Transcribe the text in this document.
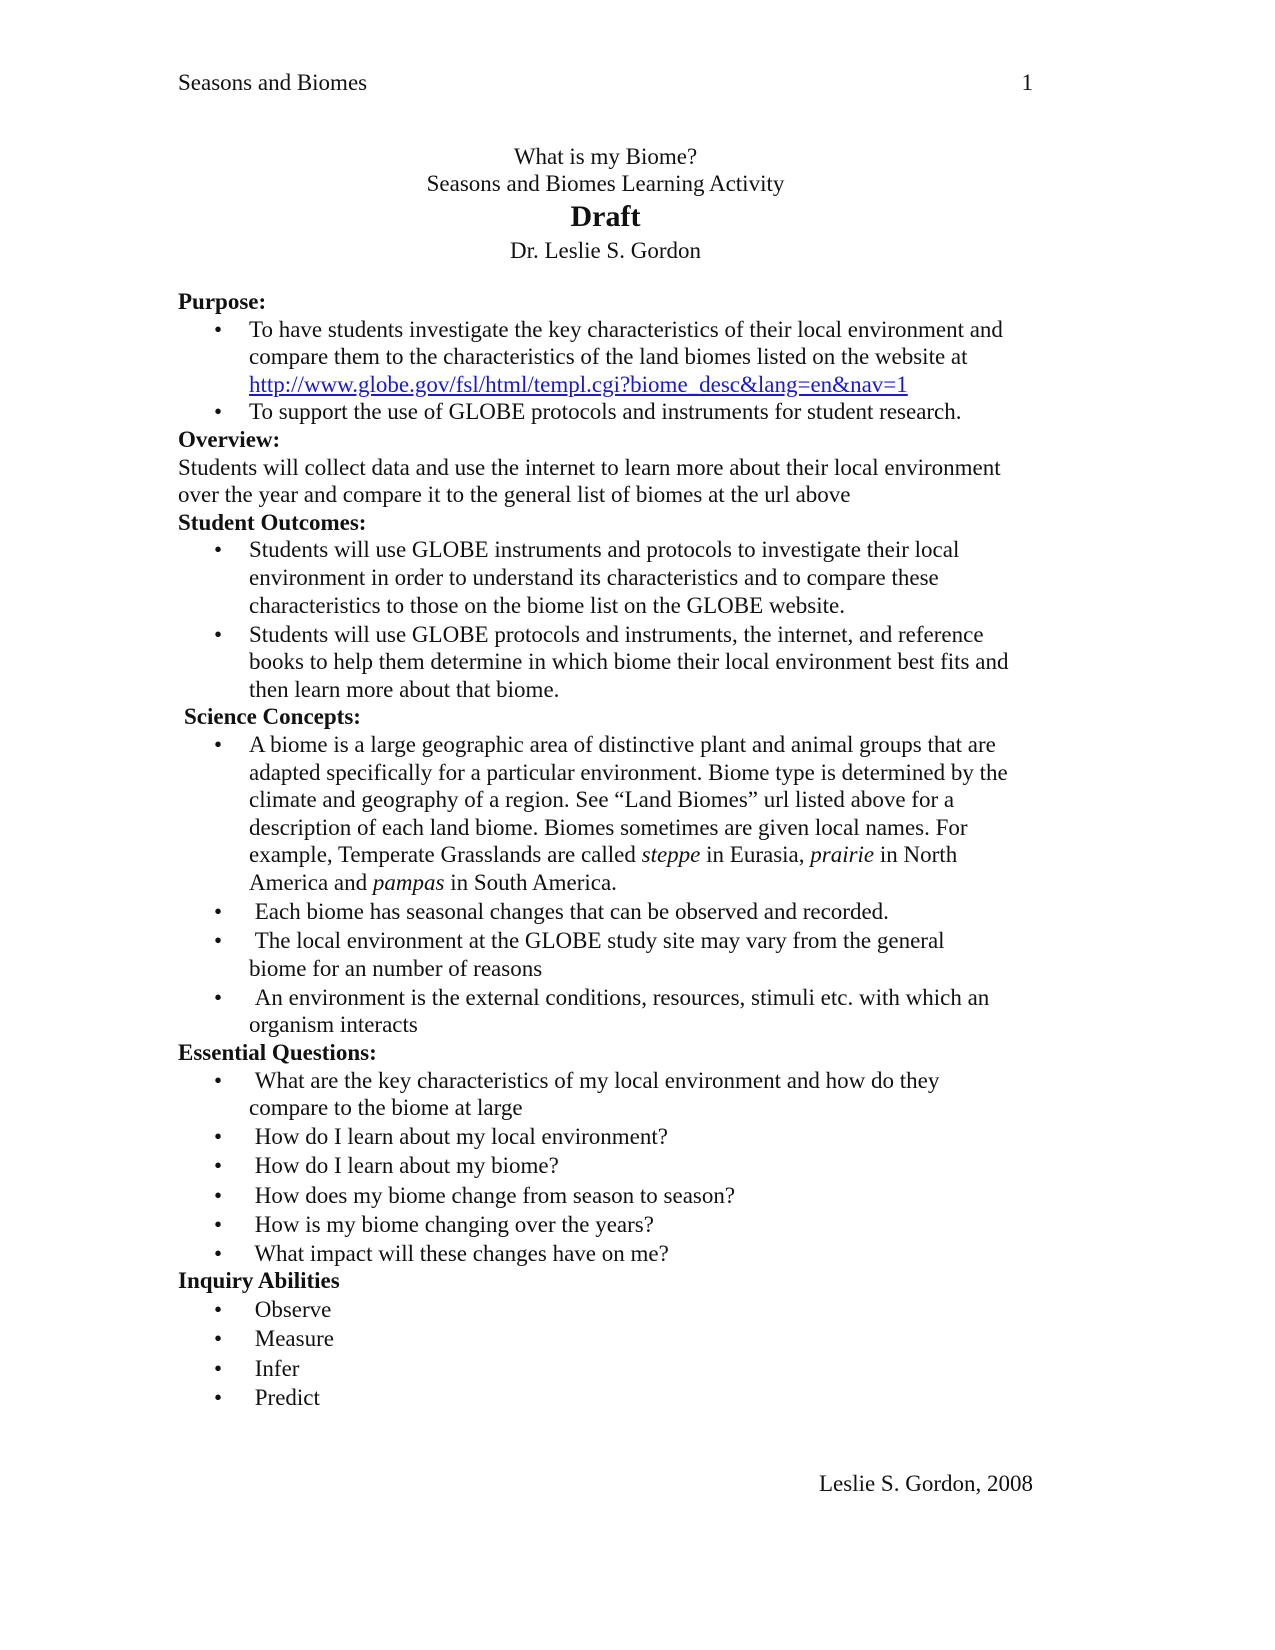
Seasons and Biomes	1
What is my Biome?
Seasons and Biomes Learning Activity
Draft
Dr. Leslie S. Gordon
Purpose:
• To have students investigate the key characteristics of their local environment and compare them to the characteristics of the land biomes listed on the website at http://www.globe.gov/fsl/html/templ.cgi?biome_desc&lang=en&nav=1
• To support the use of GLOBE protocols and instruments for student research.
Overview:

Students will collect data and use the internet to learn more about their local environment over the year and compare it to the general list of biomes at the url above

Student Outcomes:
• Students will use GLOBE instruments and protocols to investigate their local environment in order to understand its characteristics and to compare these characteristics to those on the biome list on the GLOBE website.
• Students will use GLOBE protocols and instruments, the internet, and reference books to help them determine in which biome their local environment best fits and then learn more about that biome.
Science Concepts:
• A biome is a large geographic area of distinctive plant and animal groups that are adapted specifically for a particular environment. Biome type is determined by the climate and geography of a region. See “Land Biomes” url listed above for a description of each land biome. Biomes sometimes are given local names. For example, Temperate Grasslands are called steppe in Eurasia, prairie in North America and pampas in South America.
•  Each biome has seasonal changes that can be observed and recorded.
•  The local environment at the GLOBE study site may vary from the general biome for an number of reasons
•  An environment is the external conditions, resources, stimuli etc. with which an organism interacts
Essential Questions:
•  What are the key characteristics of my local environment and how do they compare to the biome at large
•  How do I learn about my local environment?
•  How do I learn about my biome?
•  How does my biome change from season to season?
•  How is my biome changing over the years?
•  What impact will these changes have on me?
Inquiry Abilities
•  Observe
•  Measure
•  Infer
•  Predict
Leslie S. Gordon, 2008
